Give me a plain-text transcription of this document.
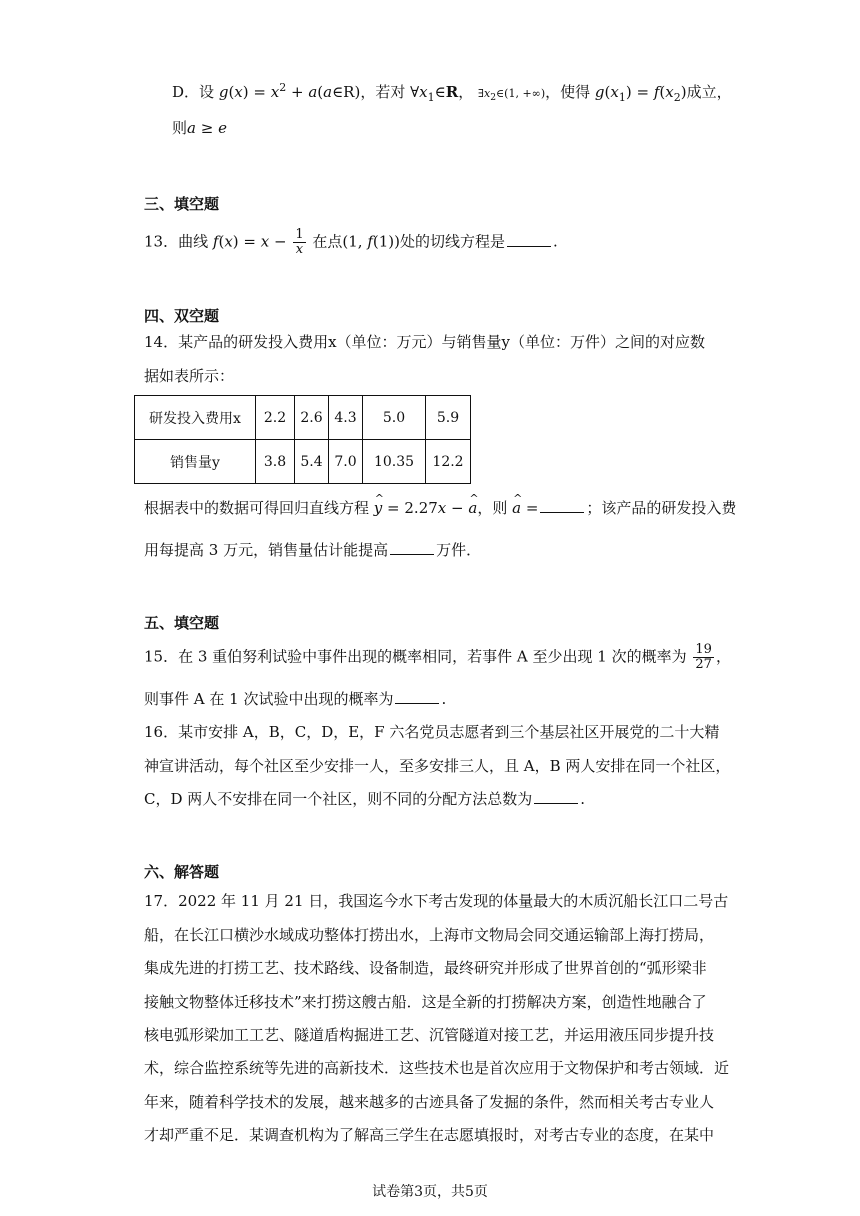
D．设 $g(x) = x^2$ + a(a∈R)，若对 $\forall x_1\in R$， $\exists x_2\in(1$, +∞)，使得 $g(x_1) = f(x_2)$成立，
则a ≥ e
三、填空题
13．曲线 $f(x) = x - \frac{1}{x}$ 在点(1, f(1))处的切线方程是	.
四、双空题
14．某产品的研发投入费用x（单位：万元）与销售量y（单位：万件）之间的对应数
据如表所示：
研发投入费用x	2.2	2.6	4.3	5.0	5.9
销售量y	3.8	5.4	7.0	10.35	12.2
根据表中的数据可得回归直线方程 ^ y = 2.27x − ^ a，则 ^ a =	；该产品的研发投入费
用每提高 3 万元，销售量估计能提高	万件．
五、填空题
15．在 3 重伯努利试验中事件出现的概率相同，若事件 A 至少出现 1 次的概率为 $\frac{19}{27}$ ，
则事件 A 在 1 次试验中出现的概率为	.
16．某市安排 A，B，C，D，E，F 六名党员志愿者到三个基层社区开展党的二十大精
神宣讲活动，每个社区至少安排一人，至多安排三人，且 A，B 两人安排在同一个社区，
C，D 两人不安排在同一个社区，则不同的分配方法总数为	.
六、解答题
17．2022 年 11 月 21 日，我国迄今水下考古发现的体量最大的木质沉船长江口二号古
船，在长江口横沙水域成功整体打捞出水，上海市文物局会同交通运输部上海打捞局，
集成先进的打捞工艺、技术路线、设备制造，最终研究并形成了世界首创的“弧形梁非
接触文物整体迁移技术”来打捞这艘古船．这是全新的打捞解决方案，创造性地融合了
核电弧形梁加工工艺、隧道盾构掘进工艺、沉管隧道对接工艺，并运用液压同步提升技
术，综合监控系统等先进的高新技术．这些技术也是首次应用于文物保护和考古领域．近
年来，随着科学技术的发展，越来越多的古迹具备了发掘的条件，然而相关考古专业人
才却严重不足．某调查机构为了解高三学生在志愿填报时，对考古专业的态度，在某中
试卷第3页，共5页
